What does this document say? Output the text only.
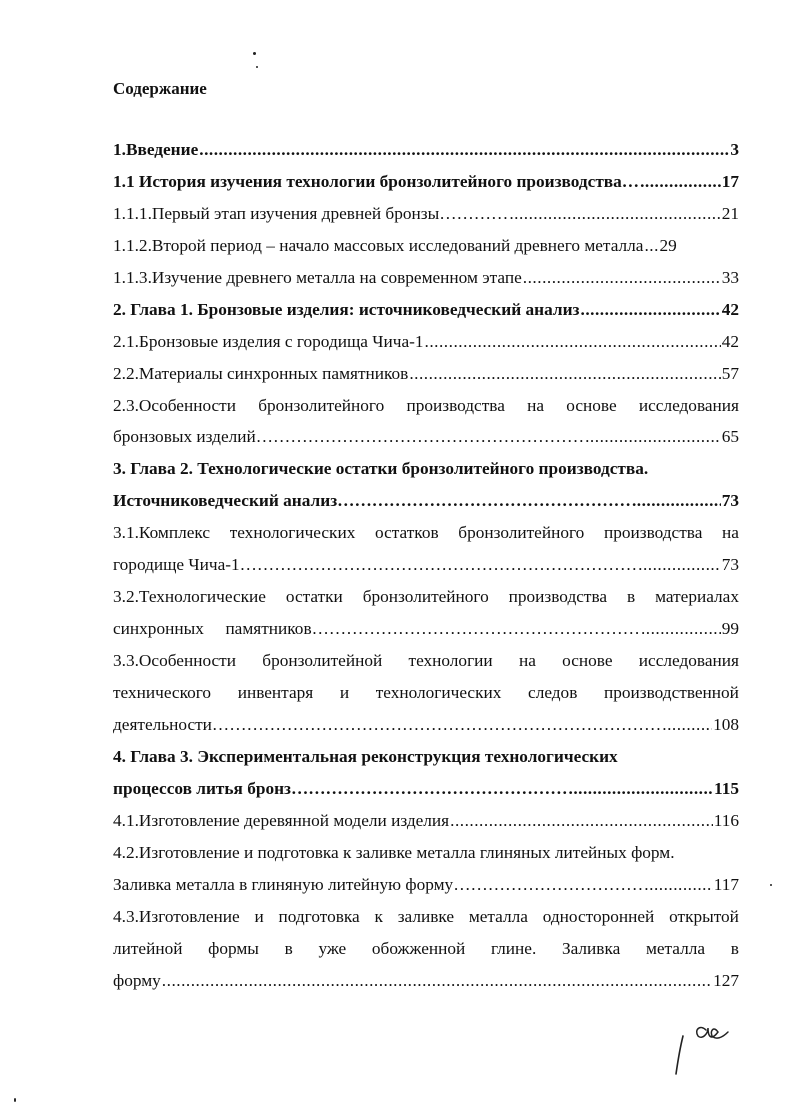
Содержание
1.Введение .....	3
1.1 История изучения технологии бронзолитейного производства… .....	17
1.1.1.Первый этап изучения древней бронзы………… .....	21
1.1.2.Второй период – начало массовых исследований древнего металла ..... 29
1.1.3.Изучение древнего металла на современном этапе .....	33
2. Глава 1. Бронзовые изделия: источниковедческий анализ .....	42
2.1.Бронзовые изделия с городища Чича-1 .....	42
2.2.Материалы синхронных памятников .....	57
2.3.Особенности бронзолитейного производства на основе исследования
бронзовых изделий………………………………………………… .....	65
3. Глава 2. Технологические остатки бронзолитейного производства.
Источниковедческий анализ…………………………………………… .....	73
3.1.Комплекс технологических остатков бронзолитейного производства на
городище Чича-1…………………………………………………………… .....	73
3.2.Технологические остатки бронзолитейного производства в материалах
синхронных     памятников………………………………………………… .....	99
3.3.Особенности бронзолитейной технологии на основе исследования
технического инвентаря и технологических следов производственной
деятельности…………………………………………………………………… .....	108
4. Глава 3. Экспериментальная реконструкция технологических
процессов литья бронз………………………………………… .....	115
4.1.Изготовление деревянной модели изделия .....	116
4.2.Изготовление и подготовка к заливке металла глиняных литейных форм.
Заливка металла в глиняную литейную форму…………………………… .....	117
4.3.Изготовление и подготовка к заливке металла односторонней открытой
литейной формы в уже обожженной глине. Заливка металла в
форму .....	127
